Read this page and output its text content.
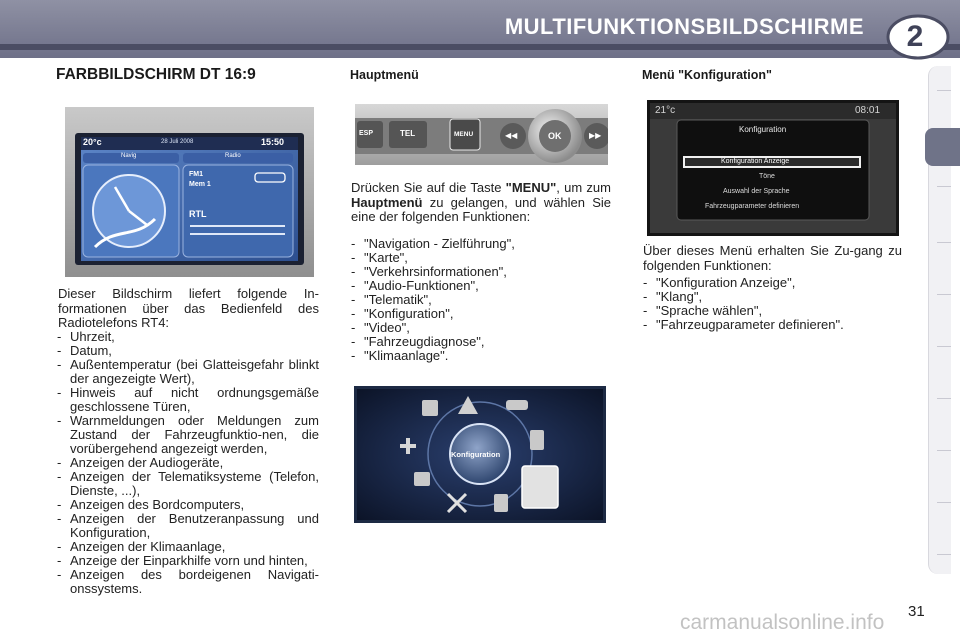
MULTIFUNKTIONSBILDSCHIRME	2
FARBBILDSCHIRM DT 16:9
20°c	28 Juli 2008	15:50
Navig	Radio
FM1
Mem 1
RTL
Dieser Bildschirm liefert folgende In-formationen über das Bedienfeld des Radiotelefons RT4:
- Uhrzeit,
- Datum,
- Außentemperatur (bei Glatteisgefahr blinkt der angezeigte Wert),
- Hinweis auf nicht ordnungsgemäße geschlossene Türen,
- Warnmeldungen oder Meldungen zum Zustand der Fahrzeugfunktio-nen, die vorübergehend angezeigt werden,
- Anzeigen der Audiogeräte,
- Anzeigen der Telematiksysteme (Telefon, Dienste, ...),
- Anzeigen des Bordcomputers,
- Anzeigen der Benutzeranpassung und Konfiguration,
- Anzeigen der Klimaanlage,
- Anzeige der Einparkhilfe vorn und hinten,
- Anzeigen des bordeigenen Navigati-onssystems.
Hauptmenü
ESP	TEL	MENU	◀◀	OK	▶▶
Drücken Sie auf die Taste "MENU", um zum Hauptmenü zu gelangen, und wählen Sie eine der folgenden Funktionen:
- "Navigation - Zielführung",
- "Karte",
- "Verkehrsinformationen",
- "Audio-Funktionen",
- "Telematik",
- "Konfiguration",
- "Video",
- "Fahrzeugdiagnose",
- "Klimaanlage".
Konfiguration
Menü "Konfiguration"
21°c	08:01
Konfiguration
Konfiguration Anzeige
Töne
Auswahl der Sprache
Fahrzeugparameter definieren
Über dieses Menü erhalten Sie Zu-gang zu folgenden Funktionen:
- "Konfiguration Anzeige",
- "Klang",
- "Sprache wählen",
- "Fahrzeugparameter definieren".
31
carmanualsonline.info
